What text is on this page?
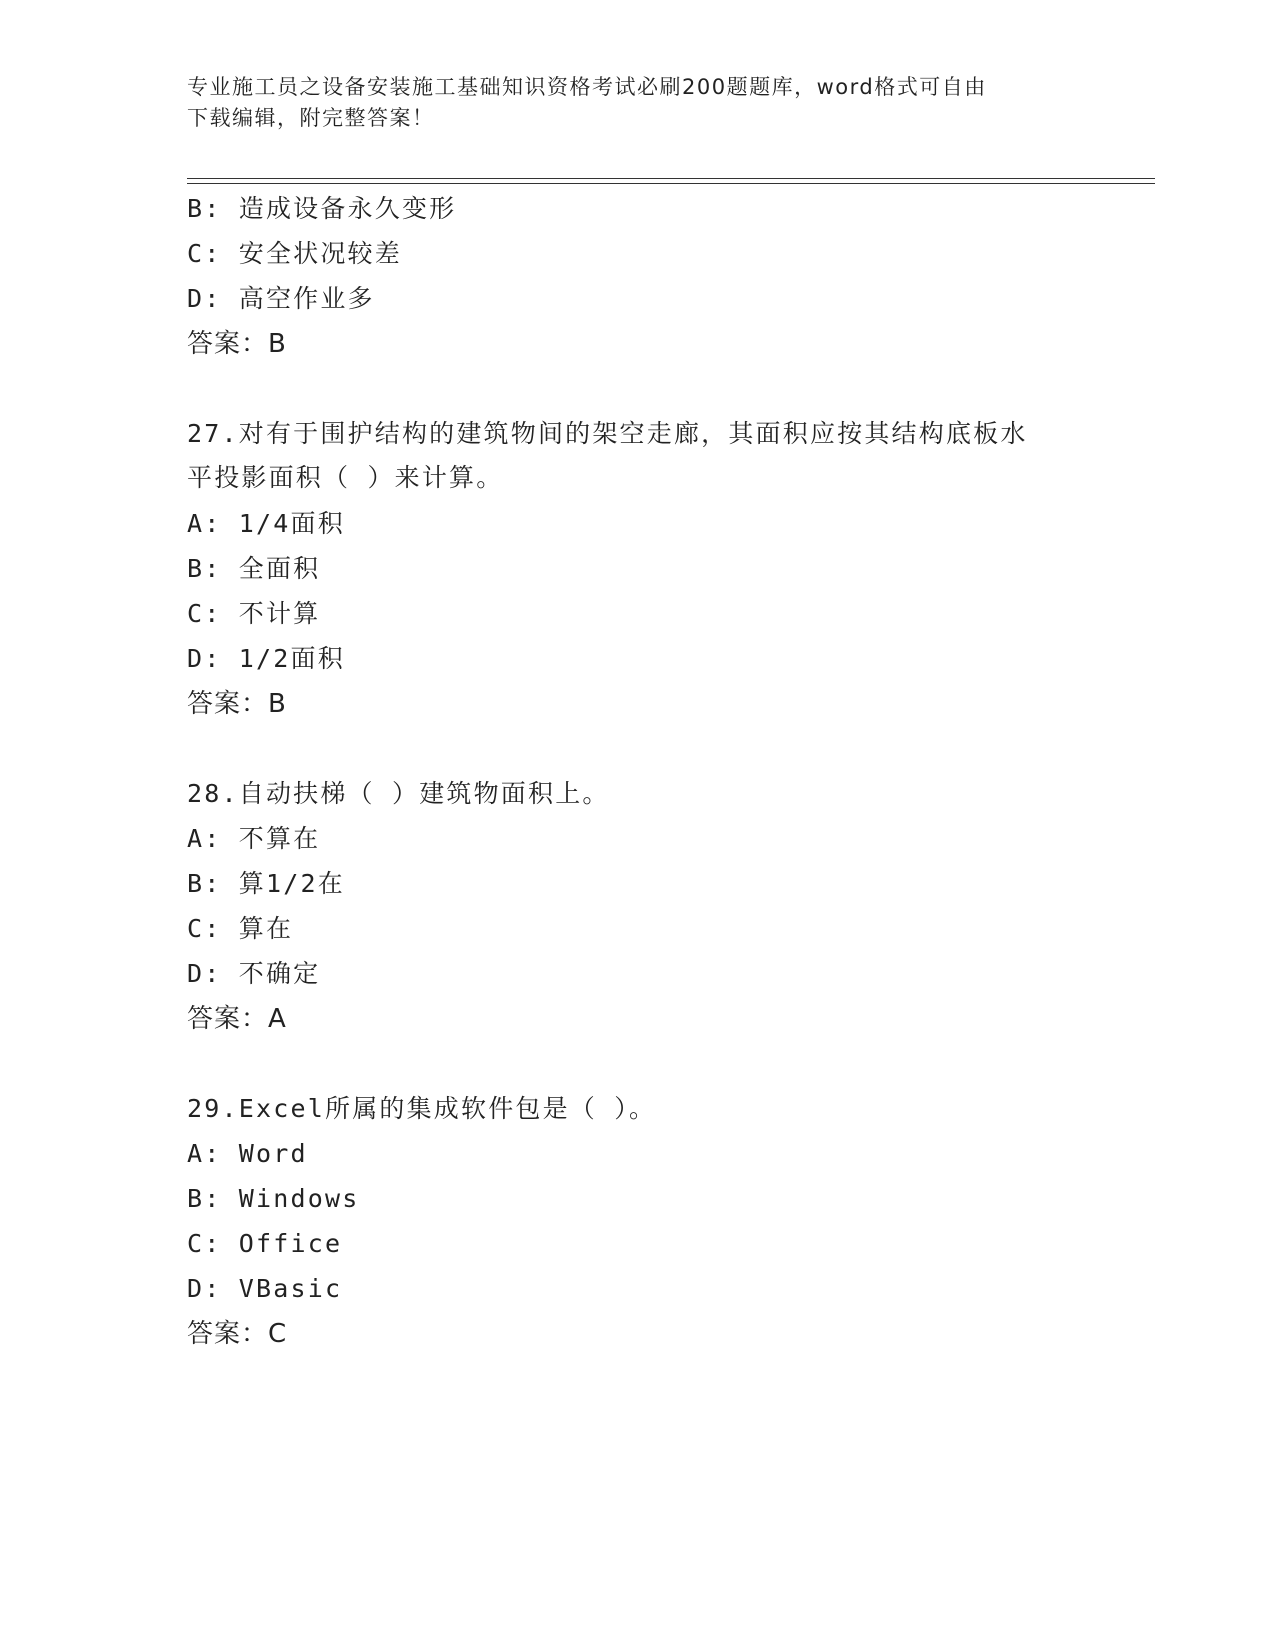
专业施工员之设备安装施工基础知识资格考试必刷200题题库，word格式可自由
下载编辑，附完整答案！
B: 造成设备永久变形
C: 安全状况较差
D: 高空作业多
答案：B
27.对有于围护结构的建筑物间的架空走廊，其面积应按其结构底板水
平投影面积（ ）来计算。
A: 1/4面积
B: 全面积
C: 不计算
D: 1/2面积
答案：B
28.自动扶梯（ ）建筑物面积上。
A: 不算在
B: 算1/2在
C: 算在
D: 不确定
答案：A
29.Excel所属的集成软件包是（ ）。
A: Word
B: Windows
C: Office
D: VBasic
答案：C
